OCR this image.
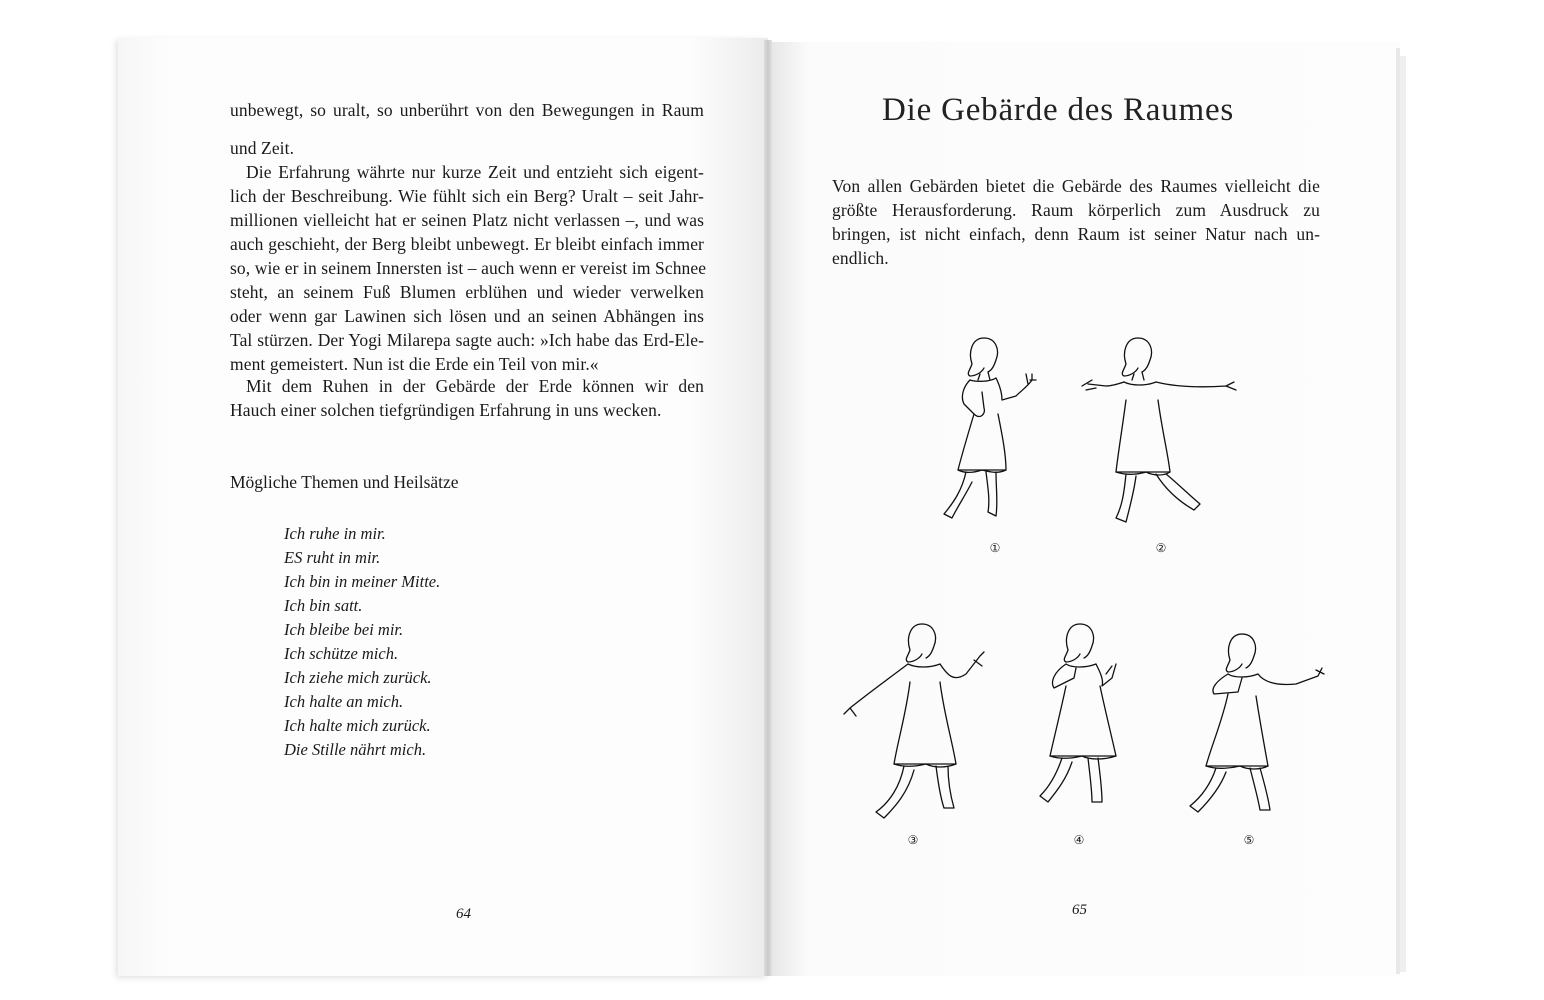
unbewegt, so uralt, so unberührt von den Bewegungen in Raum
und Zeit.
Die Erfahrung währte nur kurze Zeit und entzieht sich eigent-
lich der Beschreibung. Wie fühlt sich ein Berg? Uralt – seit Jahr-
millionen vielleicht hat er seinen Platz nicht verlassen –, und was
auch geschieht, der Berg bleibt unbewegt. Er bleibt einfach immer
so, wie er in seinem Innersten ist – auch wenn er vereist im Schnee
steht, an seinem Fuß Blumen erblühen und wieder verwelken
oder wenn gar Lawinen sich lösen und an seinen Abhängen ins
Tal stürzen. Der Yogi Milarepa sagte auch: »Ich habe das Erd-Ele-
ment gemeistert. Nun ist die Erde ein Teil von mir.«
Mit dem Ruhen in der Gebärde der Erde können wir den
Hauch einer solchen tiefgründigen Erfahrung in uns wecken.
Mögliche Themen und Heilsätze
Ich ruhe in mir.
ES ruht in mir.
Ich bin in meiner Mitte.
Ich bin satt.
Ich bleibe bei mir.
Ich schütze mich.
Ich ziehe mich zurück.
Ich halte an mich.
Ich halte mich zurück.
Die Stille nährt mich.
64
Die Gebärde des Raumes
Von allen Gebärden bietet die Gebärde des Raumes vielleicht die
größte Herausforderung. Raum körperlich zum Ausdruck zu
bringen, ist nicht einfach, denn Raum ist seiner Natur nach un-
endlich.
①	②
③	④	⑤
65
